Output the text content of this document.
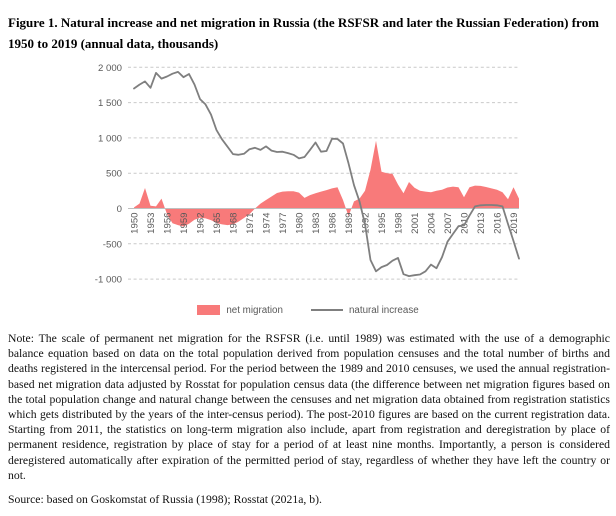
Figure 1. Natural increase and net migration in Russia (the RSFSR and later the Russian Federation) from 1950 to 2019 (annual data, thousands)
2 000
1 500
1 000
500
0
-500
-1 000
1950 1953 1956 1959 1962 1965 1968 1971 1974 1977 1980 1983 1986 1989 1992 1995 1998 2001 2004 2007 2010 2013 2016 2019
net migration	natural increase
Note: The scale of permanent net migration for the RSFSR (i.e. until 1989) was estimated with the use of a demographic balance equation based on data on the total population derived from population censuses and the total number of births and deaths registered in the intercensal period. For the period between the 1989 and 2010 censuses, we used the annual registration-based net migration data adjusted by Rosstat for population census data (the difference between net migration figures based on the total population change and natural change between the censuses and net migration data obtained from registration statistics which gets distributed by the years of the inter-census period). The post-2010 figures are based on the current registration data. Starting from 2011, the statistics on long-term migration also include, apart from registration and deregistration by place of permanent residence, registration by place of stay for a period of at least nine months. Importantly, a person is considered deregistered automatically after expiration of the permitted period of stay, regardless of whether they have left the country or not.
Source: based on Goskomstat of Russia (1998); Rosstat (2021a, b).
